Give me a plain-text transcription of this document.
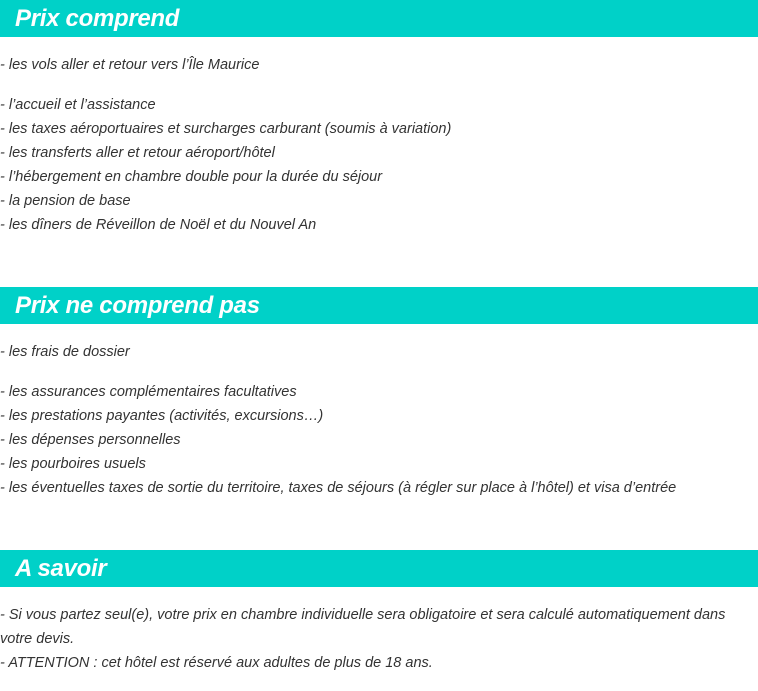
Prix comprend
- les vols aller et retour vers l’Île Maurice
- l’accueil et l’assistance
- les taxes aéroportuaires et surcharges carburant (soumis à variation)
- les transferts aller et retour aéroport/hôtel
- l’hébergement en chambre double pour la durée du séjour
- la pension de base
- les dîners de Réveillon de Noël et du Nouvel An
Prix ne comprend pas
- les frais de dossier
- les assurances complémentaires facultatives
- les prestations payantes (activités, excursions…)
- les dépenses personnelles
- les pourboires usuels
- les éventuelles taxes de sortie du territoire, taxes de séjours (à régler sur place à l’hôtel) et visa d’entrée
A savoir
- Si vous partez seul(e), votre prix en chambre individuelle sera obligatoire et sera calculé automatiquement dans votre devis.
- ATTENTION : cet hôtel est réservé aux adultes de plus de 18 ans.
